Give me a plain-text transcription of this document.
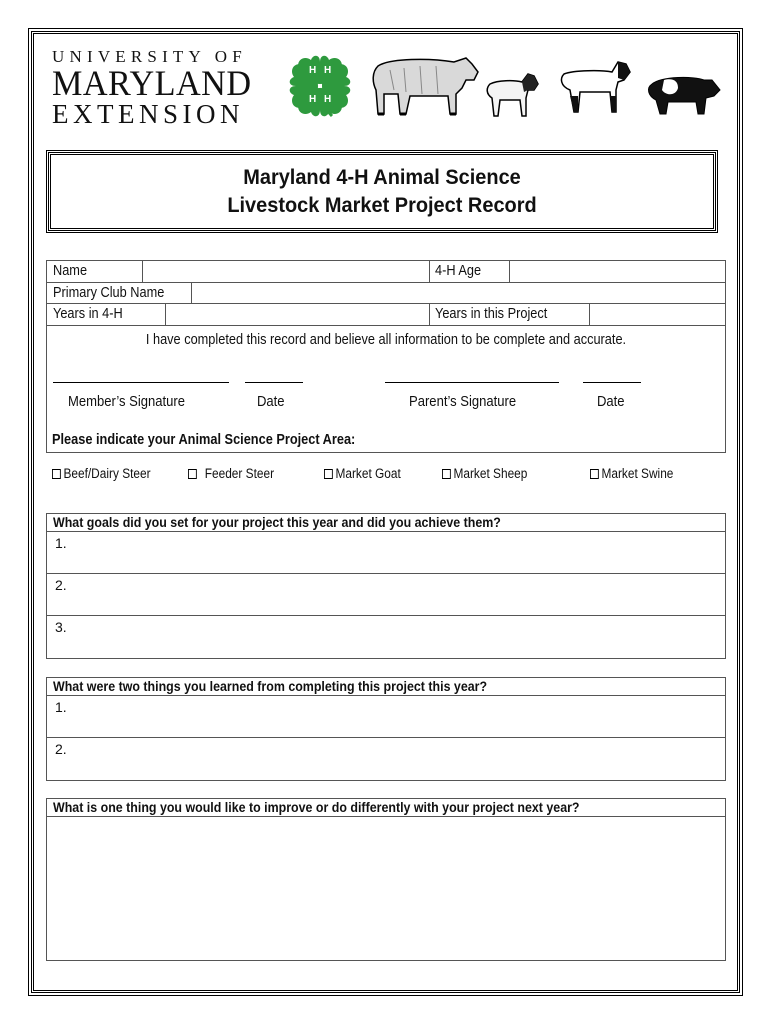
UNIVERSITY OF
MARYLAND
EXTENSION
H H
H H
Maryland 4-H Animal Science
Livestock Market Project Record
Name	4-H Age
Primary Club Name
Years in 4-H	Years in this Project
I have completed this record and believe all information to be complete and accurate.
Member’s Signature	Date	Parent’s Signature	Date
Please indicate your Animal Science Project Area:
Beef/Dairy Steer	Feeder Steer	Market Goat	Market Sheep	Market Swine
What goals did you set for your project this year and did you achieve them?
1.
2.
3.
What were two things you learned from completing this project this year?
1.
2.
What is one thing you would like to improve or do differently with your project next year?
